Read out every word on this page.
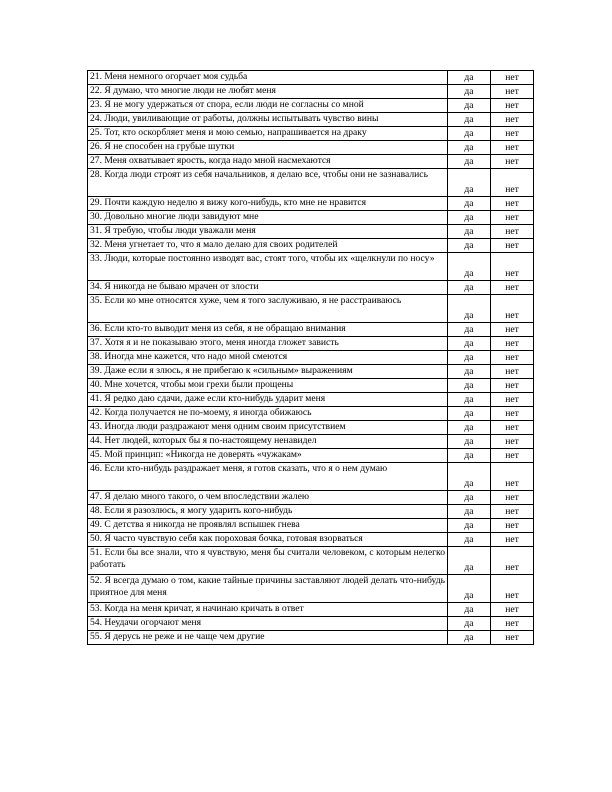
21. Меня немного огорчает моя судьба	да	нет
22. Я думаю, что многие люди не любят меня	да	нет
23. Я не могу удержаться от спора, если люди не согласны со мной	да	нет
24. Люди, увиливающие от работы, должны испытывать чувство вины	да	нет
25. Тот, кто оскорбляет меня и мою семью, напрашивается на драку	да	нет
26. Я не способен на грубые шутки	да	нет
27. Меня охватывает ярость, когда надо мной насмехаются	да	нет
28. Когда люди строят из себя начальников, я делаю все, чтобы они не зазнавались	да	нет
29. Почти каждую неделю я вижу кого-нибудь, кто мне не нравится	да	нет
30. Довольно многие люди завидуют мне	да	нет
31. Я требую, чтобы люди уважали меня	да	нет
32. Меня угнетает то, что я мало делаю для своих родителей	да	нет
33. Люди, которые постоянно изводят вас, стоят того, чтобы их «щелкнули по носу»	да	нет
34. Я никогда не бываю мрачен от злости	да	нет
35. Если ко мне относятся хуже, чем я того заслуживаю, я не расстраиваюсь	да	нет
36. Если кто-то выводит меня из себя, я не обращаю внимания	да	нет
37. Хотя я и не показываю этого, меня иногда гложет зависть	да	нет
38. Иногда мне кажется, что надо мной смеются	да	нет
39. Даже если я злюсь, я не прибегаю к «сильным» выражениям	да	нет
40. Мне хочется, чтобы мои грехи были прощены	да	нет
41. Я редко даю сдачи, даже если кто-нибудь ударит меня	да	нет
42. Когда получается не по-моему, я иногда обижаюсь	да	нет
43. Иногда люди раздражают меня одним своим присутствием	да	нет
44. Нет людей, которых бы я по-настоящему ненавидел	да	нет
45. Мой принцип: «Никогда не доверять «чужакам»	да	нет
46. Если кто-нибудь раздражает меня, я готов сказать, что я о нем думаю	да	нет
47. Я делаю много такого, о чем впоследствии жалею	да	нет
48. Если я разозлюсь, я могу ударить кого-нибудь	да	нет
49. С детства я никогда не проявлял вспышек гнева	да	нет
50. Я часто чувствую себя как пороховая бочка, готовая взорваться	да	нет
51. Если бы все знали, что я чувствую, меня бы считали человеком, с которым нелегко работать	да	нет
52. Я всегда думаю о том, какие тайные причины заставляют людей делать что-нибудь приятное для меня	да	нет
53. Когда на меня кричат, я начинаю кричать в ответ	да	нет
54. Неудачи огорчают меня	да	нет
55. Я дерусь не реже и не чаще чем другие	да	нет
